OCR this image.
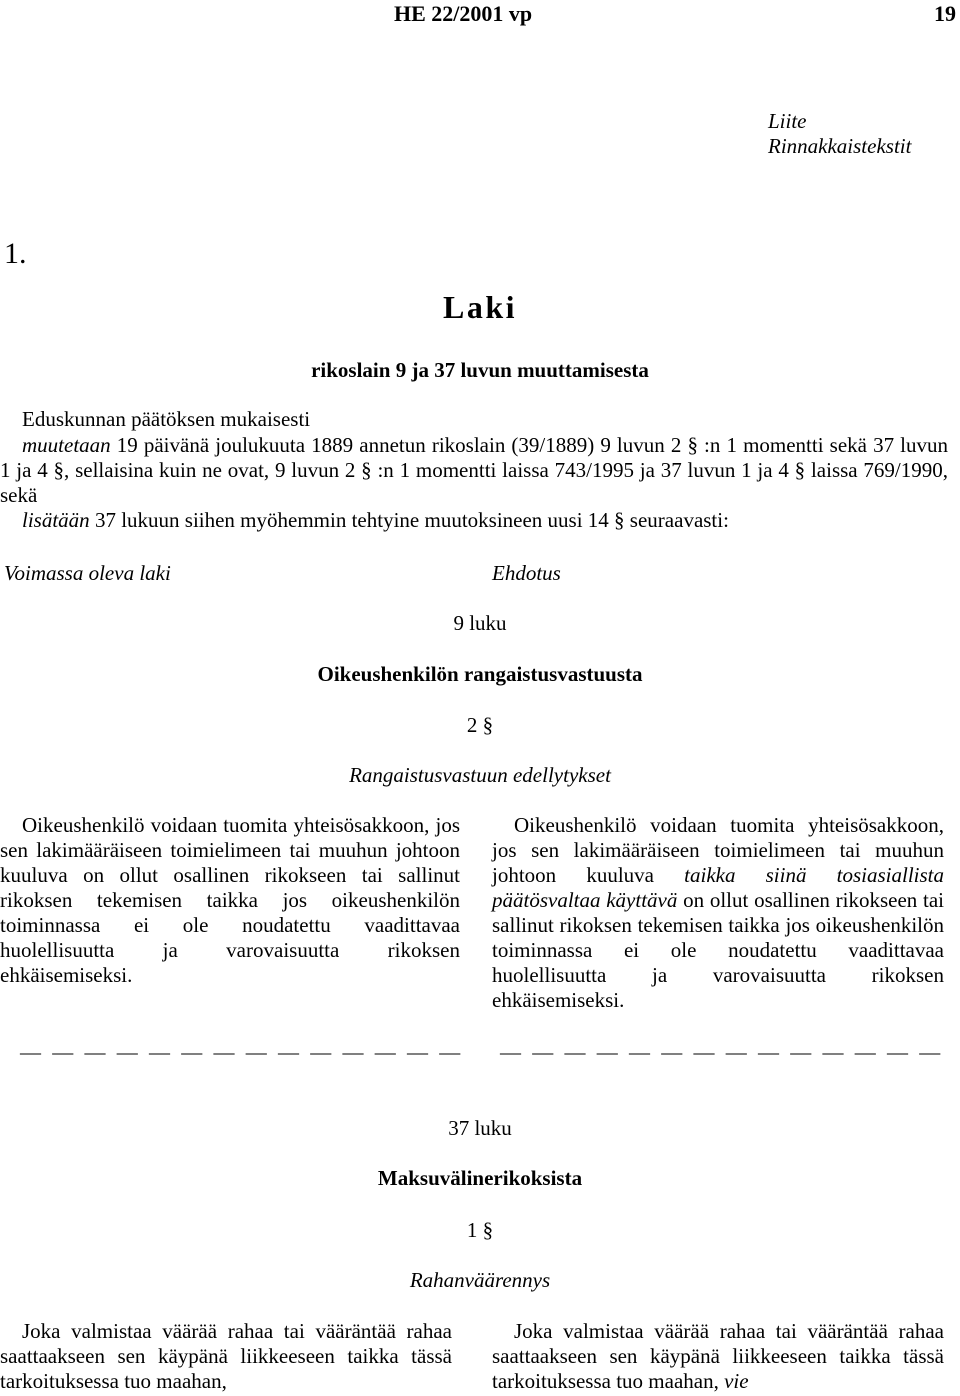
HE 22/2001 vp	19
Liite
Rinnakkaistekstit
1.
Laki
rikoslain 9 ja 37 luvun muuttamisesta
Eduskunnan päätöksen mukaisesti

muutetaan 19 päivänä joulukuuta 1889 annetun rikoslain (39/1889) 9 luvun 2 § :n 1 momentti sekä 37 luvun 1 ja 4 §, sellaisina kuin ne ovat, 9 luvun 2 § :n 1 momentti laissa 743/1995 ja 37 luvun 1 ja 4 § laissa 769/1990, sekä

lisätään 37 lukuun siihen myöhemmin tehtyine muutoksineen uusi 14 § seuraavasti:

Voimassa oleva laki	Ehdotus
9 luku
Oikeushenkilön rangaistusvastuusta
2 §
Rangaistusvastuun edellytykset

Oikeushenkilö voidaan tuomita yhteisösakkoon, jos sen lakimääräiseen toimielimeen tai muuhun johtoon kuuluva on ollut osallinen rikokseen tai sallinut rikoksen tekemisen taikka jos oikeushenkilön toiminnassa ei ole noudatettu vaadittavaa huolellisuutta ja varovaisuutta rikoksen ehkäisemiseksi.

Oikeushenkilö voidaan tuomita yhteisösakkoon, jos sen lakimääräiseen toimielimeen tai muuhun johtoon kuuluva taikka siinä tosiasiallista päätösvaltaa käyttävä on ollut osallinen rikokseen tai sallinut rikoksen tekemisen taikka jos oikeushenkilön toiminnassa ei ole noudatettu vaadittavaa huolellisuutta ja varovaisuutta rikoksen ehkäisemiseksi.

— — — — — — — — — — — — — — — — — — — — — — — — — — — —
37 luku
Maksuvälinerikoksista
1 §
Rahanväärennys

Joka valmistaa väärää rahaa tai vääräntää rahaa saattaakseen sen käypänä liikkeeseen taikka tässä tarkoituksessa tuo maahan,

Joka valmistaa väärää rahaa tai vääräntää rahaa saattaakseen sen käypänä liikkeeseen taikka tässä tarkoituksessa tuo maahan, vie
